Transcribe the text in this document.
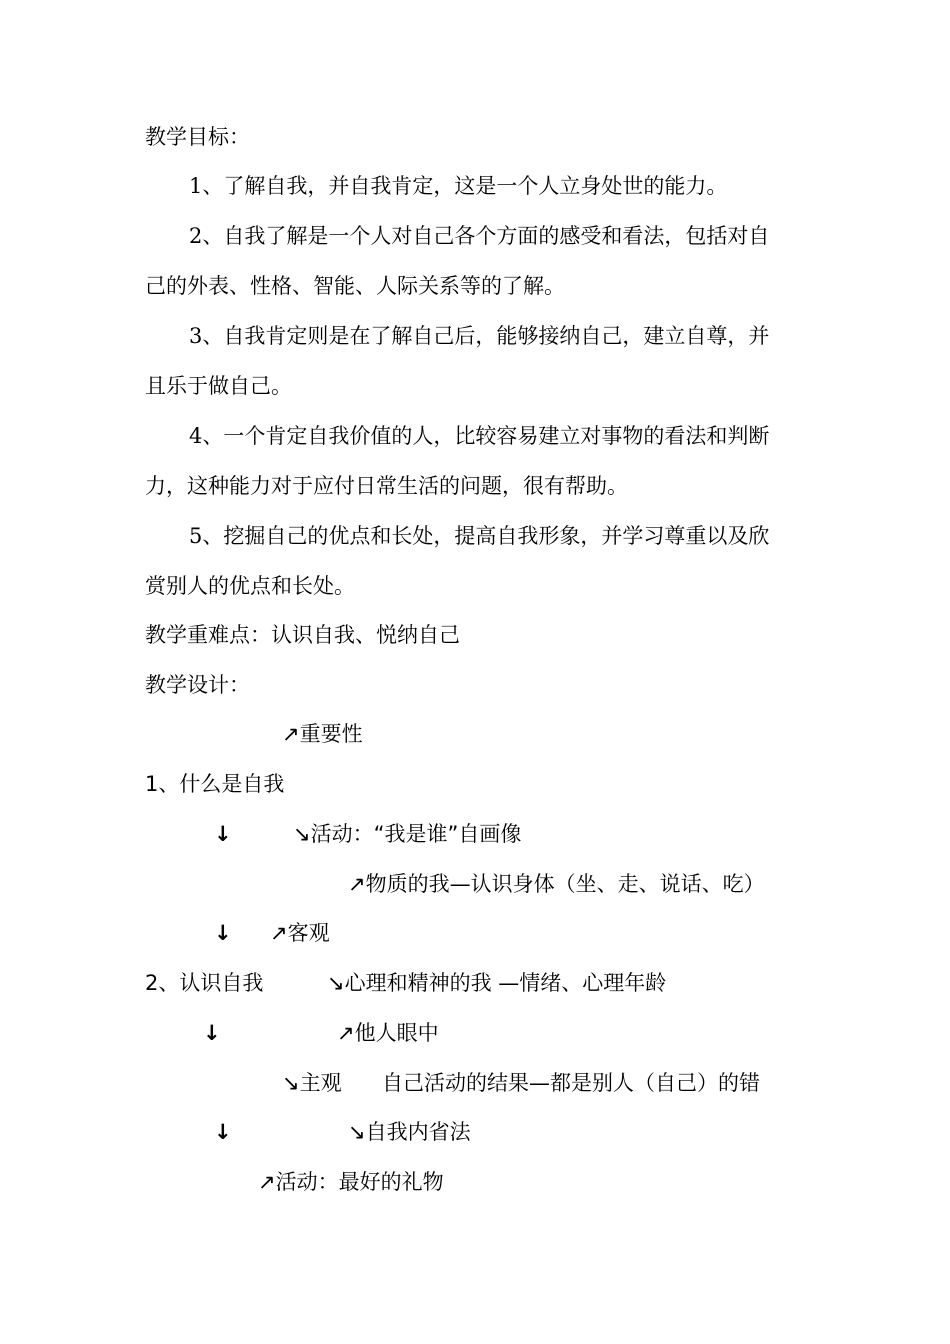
教学目标：
1、了解自我，并自我肯定，这是一个人立身处世的能力。
2、自我了解是一个人对自己各个方面的感受和看法，包括对自
己的外表、性格、智能、人际关系等的了解。
3、自我肯定则是在了解自己后，能够接纳自己，建立自尊，并
且乐于做自己。
4、一个肯定自我价值的人，比较容易建立对事物的看法和判断
力，这种能力对于应付日常生活的问题，很有帮助。
5、挖掘自己的优点和长处，提高自我形象，并学习尊重以及欣
赏别人的优点和长处。
教学重难点：认识自我、悦纳自己
教学设计：
↗重要性
1、什么是自我
↓	↘活动：“我是谁”自画像
↗物质的我—认识身体（坐、走、说话、吃）
↓ ↗客观
2、认识自我	↘心理和精神的我 —情绪、心理年龄
↓	↗他人眼中
↘主观 自己活动的结果—都是别人（自己）的错
↓	↘自我内省法
↗活动：最好的礼物
